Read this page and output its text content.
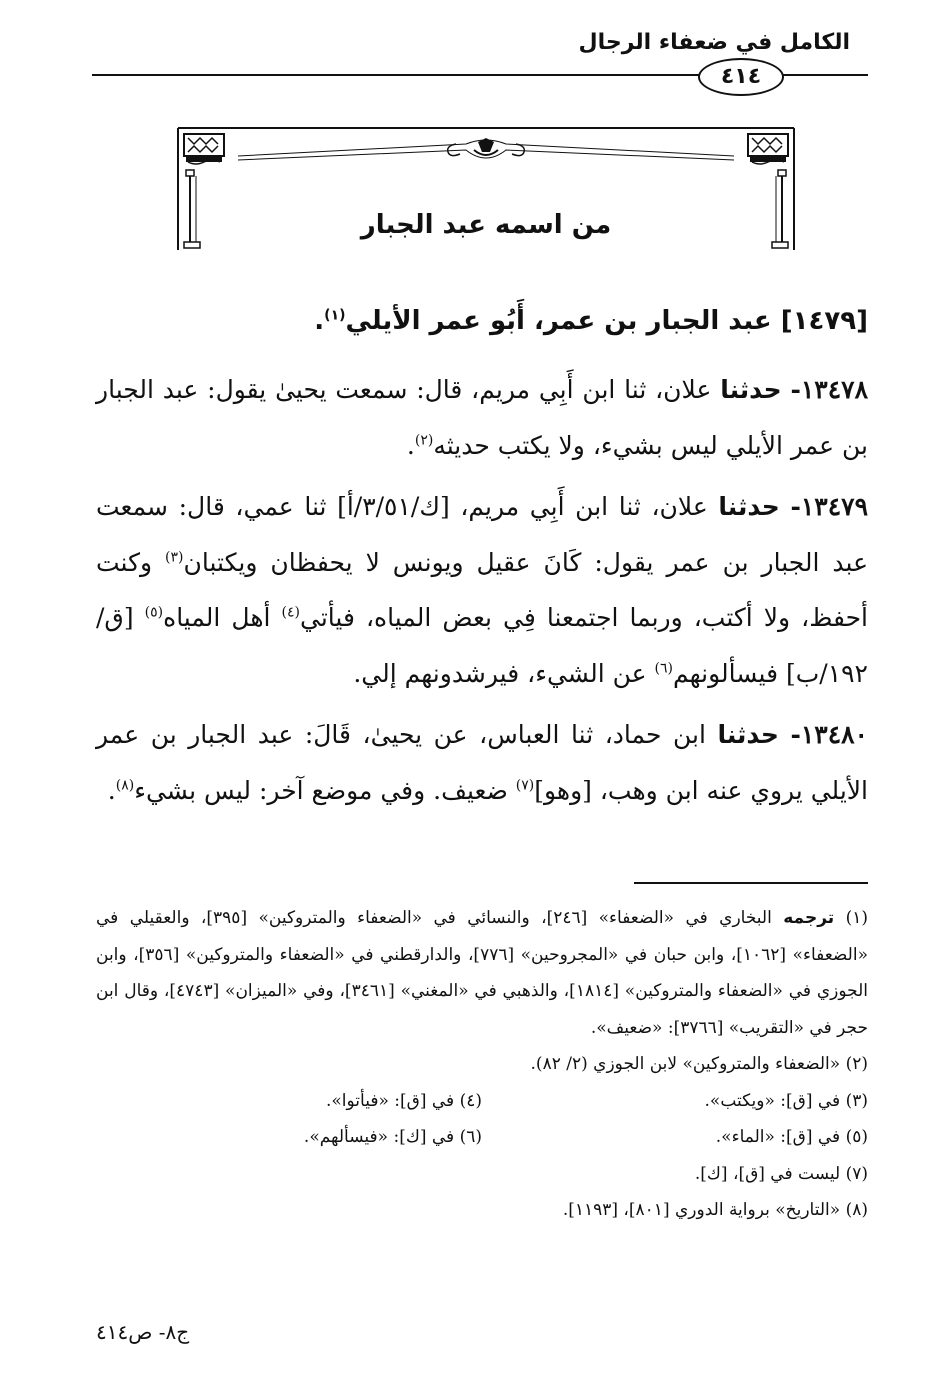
الكامل في ضعفاء الرجال
٤١٤
من اسمه عبد الجبار
[١٤٧٩] عبد الجبار بن عمر، أَبُو عمر الأيلي$^{(١)}$.

١٣٤٧٨- حدثنا علان، ثنا ابن أَبِي مريم، قال: سمعت يحيىٰ يقول: عبد الجبار بن عمر الأيلي ليس بشيء، ولا يكتب حديثه$^{(٢)}$.

١٣٤٧٩- حدثنا علان، ثنا ابن أَبِي مريم، [ك/٣/٥١/أ] ثنا عمي، قال: سمعت عبد الجبار بن عمر يقول: كَانَ عقيل ويونس لا يحفظان ويكتبان$^{(٣)}$ وكنت أحفظ، ولا أكتب، وربما اجتمعنا فِي بعض المياه، فيأتي$^{(٤)}$ أهل المياه$^{(٥)}$ [ق/١٩٢/ب] فيسألونهم$^{(٦)}$ عن الشيء، فيرشدونهم إلي.

١٣٤٨٠- حدثنا ابن حماد، ثنا العباس، عن يحيىٰ، قَالَ: عبد الجبار بن عمر الأيلي يروي عنه ابن وهب، [وهو]$^{(٧)}$ ضعيف. وفي موضع آخر: ليس بشيء$^{(٨)}$.

(١) ترجمه البخاري في «الضعفاء» [٢٤٦]، والنسائي في «الضعفاء والمتروكين» [٣٩٥]، والعقيلي في «الضعفاء» [١٠٦٢]، وابن حبان في «المجروحين» [٧٧٦]، والدارقطني في «الضعفاء والمتروكين» [٣٥٦]، وابن الجوزي في «الضعفاء والمتروكين» [١٨١٤]، والذهبي في «المغني» [٣٤٦١]، وفي «الميزان» [٤٧٤٣]، وقال ابن حجر في «التقريب» [٣٧٦٦]: «ضعيف».

(٢) «الضعفاء والمتروكين» لابن الجوزي (٢/ ٨٢).

(٣) في [ق]: «ويكتب».

(٤) في [ق]: «فيأتوا».

(٥) في [ق]: «الماء».

(٦) في [ك]: «فيسألهم».

(٧) ليست في [ق]، [ك].

(٨) «التاريخ» برواية الدوري [٨٠١]، [١١٩٣].

ج٨- ص٤١٤
